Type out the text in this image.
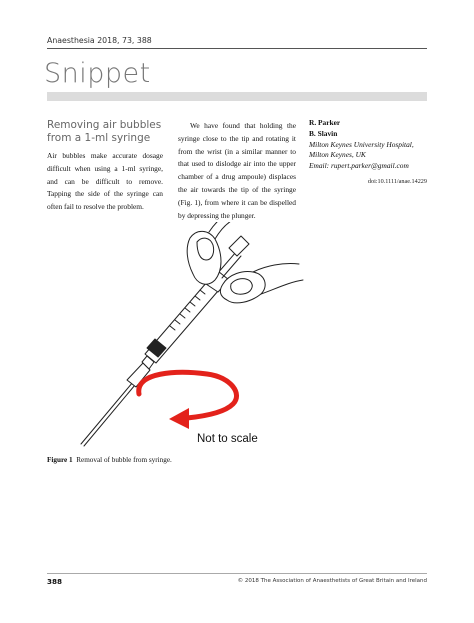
Anaesthesia 2018, 73, 388
Snippet
Removing air bubbles from a 1-ml syringe
Air bubbles make accurate dosage difficult when using a 1-ml syringe, and can be difficult to remove. Tapping the side of the syringe can often fail to resolve the problem.
We have found that holding the syringe close to the tip and rotating it from the wrist (in a similar manner to that used to dislodge air into the upper chamber of a drug ampoule) displaces the air towards the tip of the syringe (Fig. 1), from where it can be dispelled by depressing the plunger.
R. Parker
B. Slavin
Milton Keynes University Hospital,
Milton Keynes, UK
Email: rupert.parker@gmail.com
doi:10.1111/anae.14229
Not to scale
Figure 1 Removal of bubble from syringe.
388	© 2018 The Association of Anaesthetists of Great Britain and Ireland
